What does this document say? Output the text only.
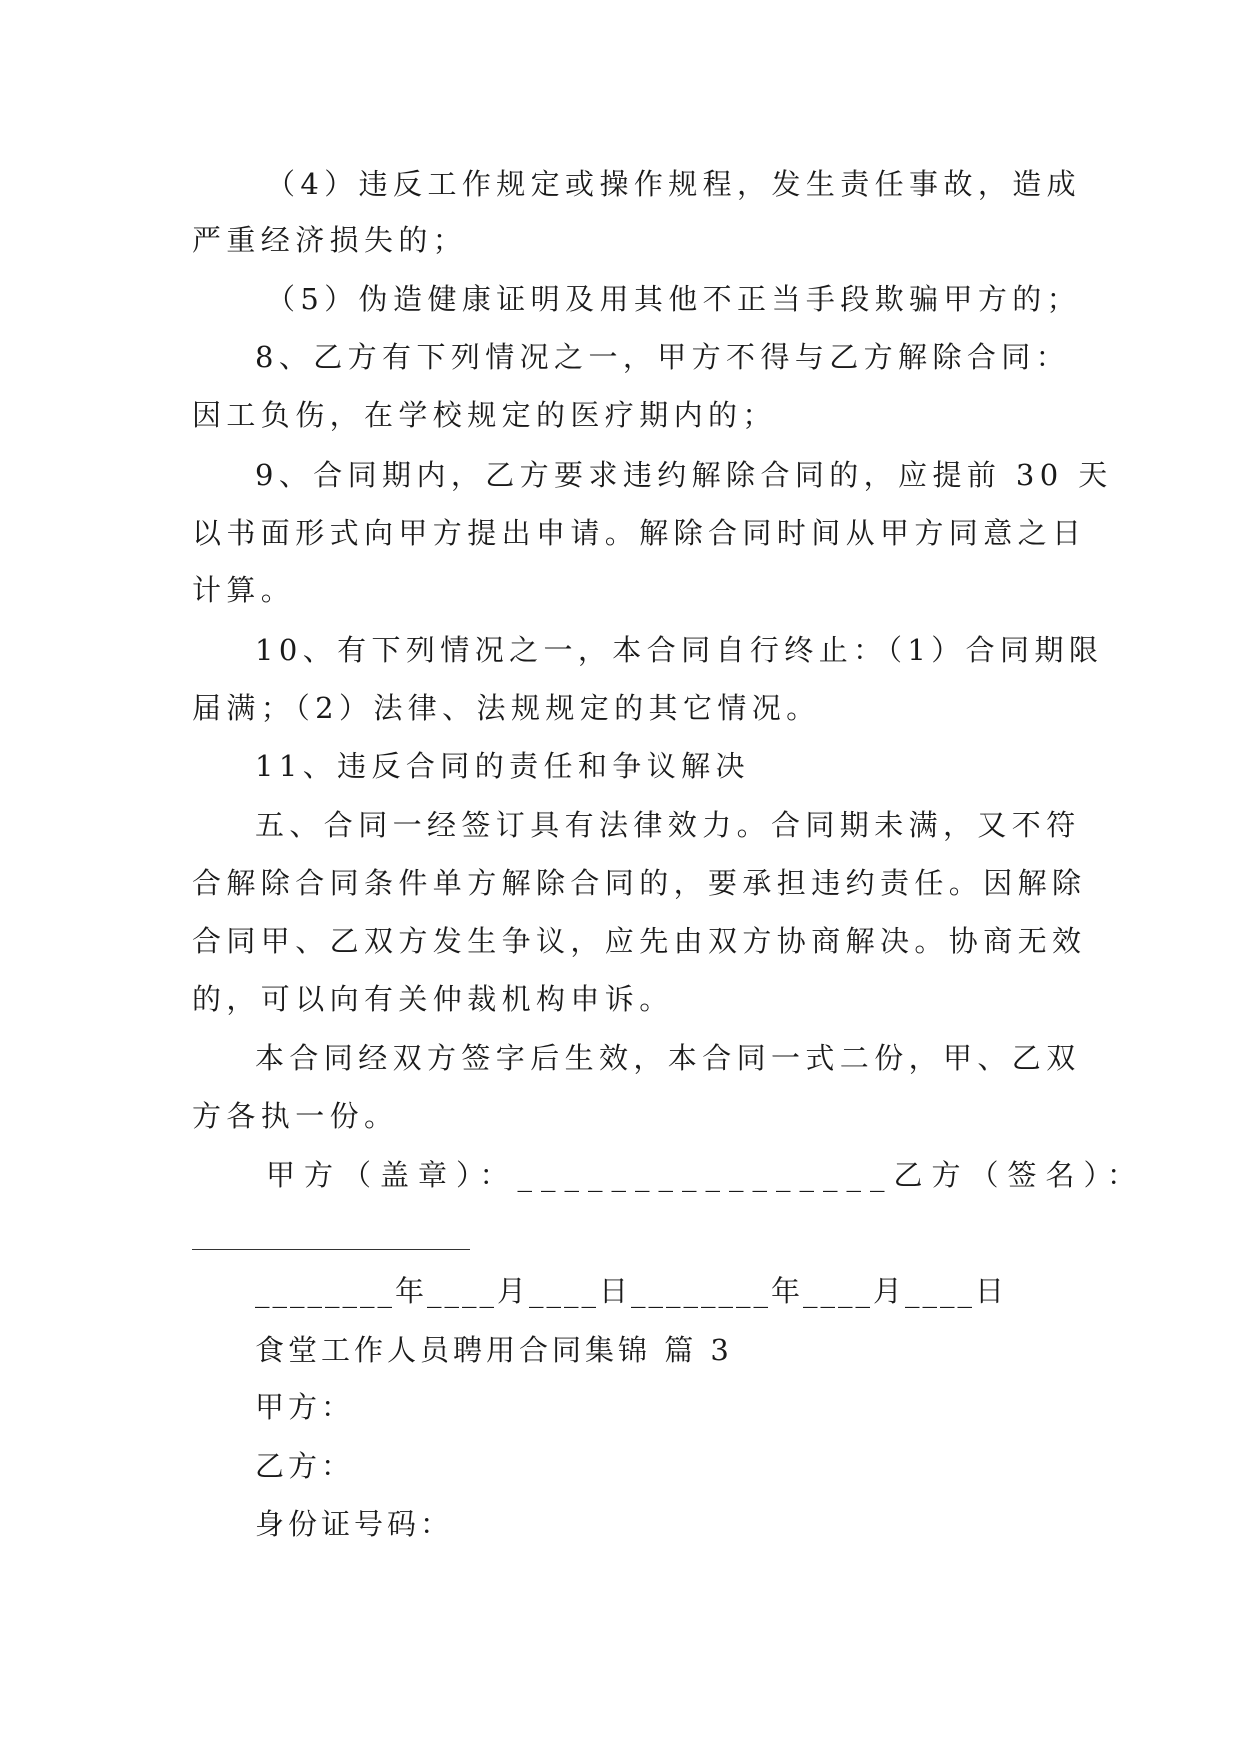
（4）违反工作规定或操作规程，发生责任事故，造成
严重经济损失的；
（5）伪造健康证明及用其他不正当手段欺骗甲方的；
8、乙方有下列情况之一，甲方不得与乙方解除合同：
因工负伤，在学校规定的医疗期内的；
9、合同期内，乙方要求违约解除合同的，应提前 30 天
以书面形式向甲方提出申请。解除合同时间从甲方同意之日
计算。
10、有下列情况之一，本合同自行终止：（1）合同期限
届满；（2）法律、法规规定的其它情况。
11、违反合同的责任和争议解决
五、合同一经签订具有法律效力。合同期未满，又不符
合解除合同条件单方解除合同的，要承担违约责任。因解除
合同甲、乙双方发生争议，应先由双方协商解决。协商无效
的，可以向有关仲裁机构申诉。
本合同经双方签字后生效，本合同一式二份，甲、乙双
方各执一份。
甲方（盖章）：________________乙方（签名）：
________年____月____日________年____月____日
食堂工作人员聘用合同集锦 篇 3
甲方：
乙方：
身份证号码：
